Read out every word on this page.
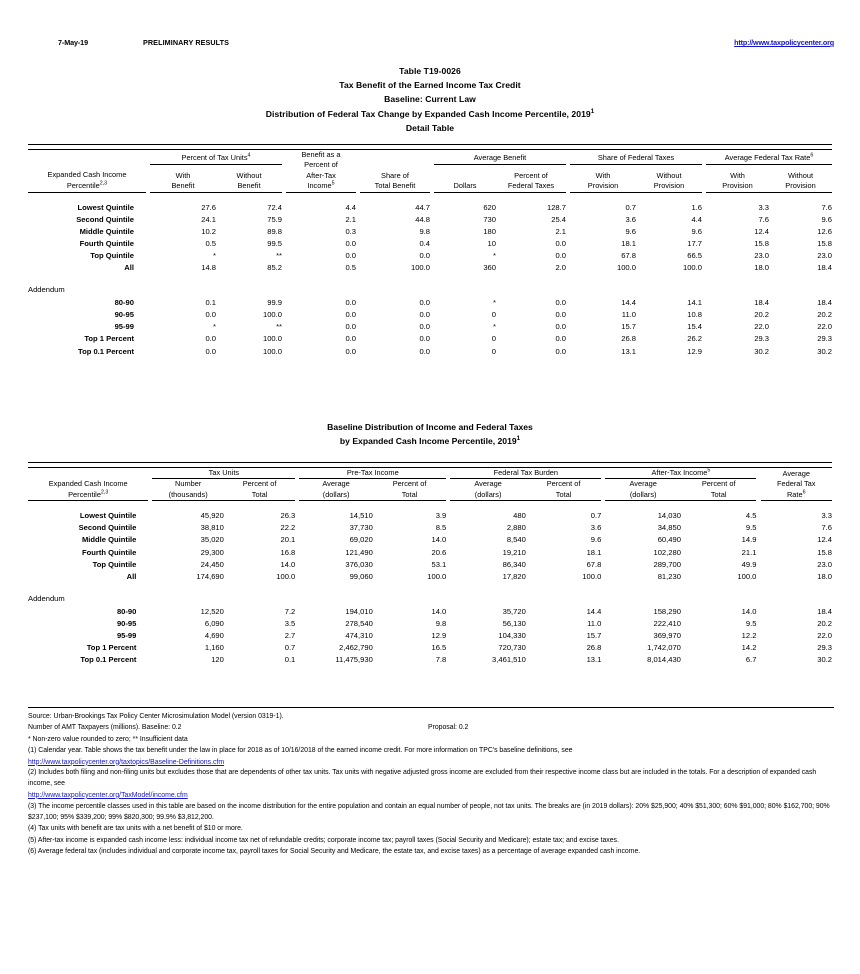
7-May-19	PRELIMINARY RESULTS	http://www.taxpolicycenter.org
Table T19-0026
Tax Benefit of the Earned Income Tax Credit
Baseline: Current Law
Distribution of Federal Tax Change by Expanded Cash Income Percentile, 2019$^1$
Detail Table

Expanded Cash Income
Percentile$^{2,3}$		Percent of Tax Units$^4$			Benefit as a
Percent of
After-Tax
Income$^5$		Share of
Total Benefit		Average Benefit			Share of Federal Taxes			Average Federal Tax Rate$^6$
		With
Benefit	Without
Benefit						Dollars	Percent of
Federal Taxes		With
Provision	Without
Provision		With
Provision	Without
Provision

Lowest Quintile		27.6	72.4		4.4		44.7		620	128.7		0.7	1.6		3.3	7.6
Second Quintile		24.1	75.9		2.1		44.8		730	25.4		3.6	4.4		7.6	9.6
Middle Quintile		10.2	89.8		0.3		9.8		180	2.1		9.6	9.6		12.4	12.6
Fourth Quintile		0.5	99.5		0.0		0.4		10	0.0		18.1	17.7		15.8	15.8
Top Quintile		*	**		0.0		0.0		*	0.0		67.8	66.5		23.0	23.0
All		14.8	85.2		0.5		100.0		360	2.0		100.0	100.0		18.0	18.4

Addendum																
80-90		0.1	99.9		0.0		0.0		*	0.0		14.4	14.1		18.4	18.4
90-95		0.0	100.0		0.0		0.0		0	0.0		11.0	10.8		20.2	20.2
95-99		*	**		0.0		0.0		*	0.0		15.7	15.4		22.0	22.0
Top 1 Percent		0.0	100.0		0.0		0.0		0	0.0		26.8	26.2		29.3	29.3
Top 0.1 Percent		0.0	100.0		0.0		0.0		0	0.0		13.1	12.9		30.2	30.2
Baseline Distribution of Income and Federal Taxes
by Expanded Cash Income Percentile, 2019$^1$

Expanded Cash Income
Percentile$^{2,3}$		Tax Units			Pre-Tax Income			Federal Tax Burden			After-Tax Income$^5$			Average
Federal Tax
Rate$^6$
		Number
(thousands)	Percent of
Total		Average
(dollars)	Percent of
Total		Average
(dollars)	Percent of
Total		Average
(dollars)	Percent of
Total		

Lowest Quintile		45,920	26.3		14,510	3.9		480	0.7		14,030	4.5		3.3
Second Quintile		38,810	22.2		37,730	8.5		2,880	3.6		34,850	9.5		7.6
Middle Quintile		35,020	20.1		69,020	14.0		8,540	9.6		60,490	14.9		12.4
Fourth Quintile		29,300	16.8		121,490	20.6		19,210	18.1		102,280	21.1		15.8
Top Quintile		24,450	14.0		376,030	53.1		86,340	67.8		289,700	49.9		23.0
All		174,690	100.0		99,060	100.0		17,820	100.0		81,230	100.0		18.0

Addendum														
80-90		12,520	7.2		194,010	14.0		35,720	14.4		158,290	14.0		18.4
90-95		6,090	3.5		278,540	9.8		56,130	11.0		222,410	9.5		20.2
95-99		4,690	2.7		474,310	12.9		104,330	15.7		369,970	12.2		22.0
Top 1 Percent		1,160	0.7		2,462,790	16.5		720,730	26.8		1,742,070	14.2		29.3
Top 0.1 Percent		120	0.1		11,475,930	7.8		3,461,510	13.1		8,014,430	6.7		30.2

Source: Urban-Brookings Tax Policy Center Microsimulation Model (version 0319-1).

Number of AMT Taxpayers (millions). Baseline: 0.2	Proposal: 0.2

* Non-zero value rounded to zero; ** Insufficient data

(1) Calendar year. Table shows the tax benefit under the law in place for 2018 as of 10/16/2018 of the earned income credit. For more information on TPC's baseline definitions, see

http://www.taxpolicycenter.org/taxtopics/Baseline-Definitions.cfm

(2) Includes both filing and non-filing units but excludes those that are dependents of other tax units. Tax units with negative adjusted gross income are excluded from their respective income class but are included in the totals. For a description of expanded cash income, see

http://www.taxpolicycenter.org/TaxModel/income.cfm

(3) The income percentile classes used in this table are based on the income distribution for the entire population and contain an equal number of people, not tax units. The breaks are (in 2019 dollars): 20% $25,900; 40% $51,300; 60% $91,000; 80% $162,700; 90% $237,100; 95% $339,200; 99% $820,300; 99.9% $3,812,200.

(4) Tax units with benefit are tax units with a net benefit of $10 or more.

(5) After-tax income is expanded cash income less: individual income tax net of refundable credits; corporate income tax; payroll taxes (Social Security and Medicare); estate tax; and excise taxes.

(6) Average federal tax (includes individual and corporate income tax, payroll taxes for Social Security and Medicare, the estate tax, and excise taxes) as a percentage of average expanded cash income.
